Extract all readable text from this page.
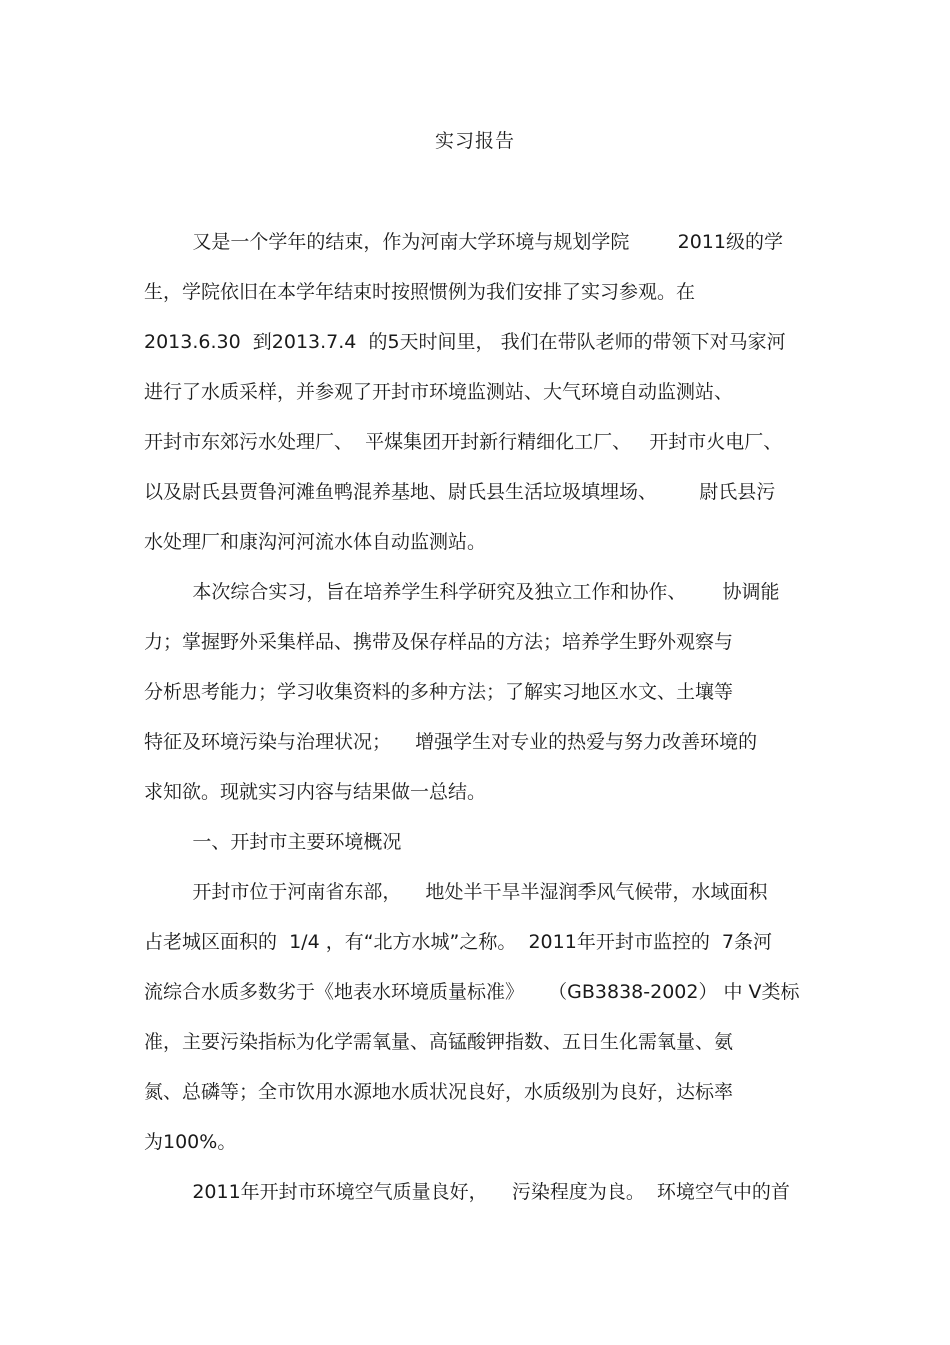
实习报告
又是一个学年的结束，作为河南大学环境与规划学院        2011级的学
生，学院依旧在本学年结束时按照惯例为我们安排了实习参观。在
2013.6.30  到2013.7.4  的5天时间里， 我们在带队老师的带领下对马家河
进行了水质采样，并参观了开封市环境监测站、大气环境自动监测站、
开封市东郊污水处理厂、  平煤集团开封新行精细化工厂、   开封市火电厂、
以及尉氏县贾鲁河滩鱼鸭混养基地、尉氏县生活垃圾填埋场、       尉氏县污
水处理厂和康沟河河流水体自动监测站。
本次综合实习，旨在培养学生科学研究及独立工作和协作、      协调能
力；掌握野外采集样品、携带及保存样品的方法；培养学生野外观察与
分析思考能力；学习收集资料的多种方法；了解实习地区水文、土壤等
特征及环境污染与治理状况；    增强学生对专业的热爱与努力改善环境的
求知欲。现就实习内容与结果做一总结。
一、开封市主要环境概况
开封市位于河南省东部，    地处半干旱半湿润季风气候带，水域面积
占老城区面积的  1/4 ，有“北方水城”之称。  2011年开封市监控的  7条河
流综合水质多数劣于《地表水环境质量标准》    （GB3838-2002） 中 V类标
准，主要污染指标为化学需氧量、高锰酸钾指数、五日生化需氧量、氨
氮、总磷等；全市饮用水源地水质状况良好，水质级别为良好，达标率
为100%。
2011年开封市环境空气质量良好，    污染程度为良。  环境空气中的首
